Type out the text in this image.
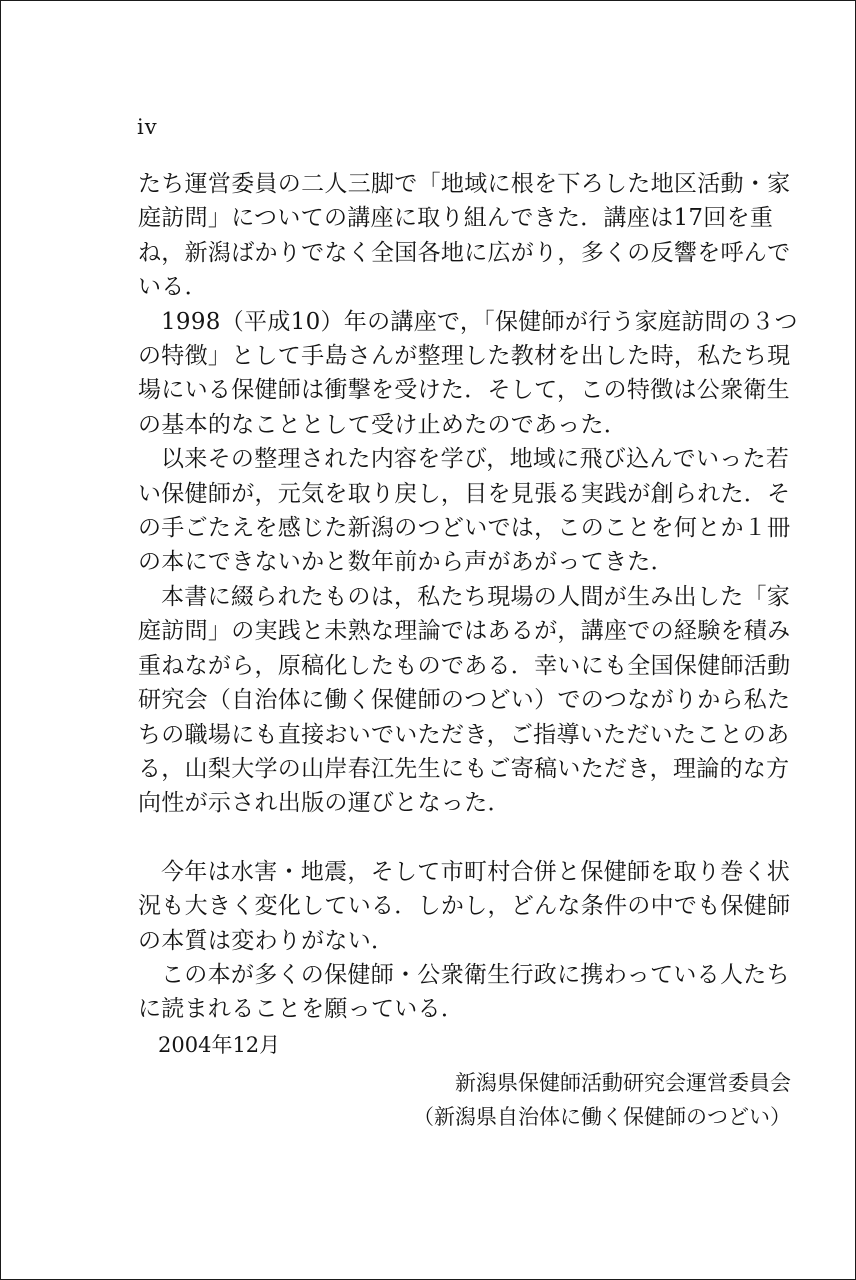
iv

たち運営委員の二人三脚で「地域に根を下ろした地区活動・家庭訪問」についての講座に取り組んできた．講座は17回を重ね，新潟ばかりでなく全国各地に広がり，多くの反響を呼んでいる．

1998（平成10）年の講座で，「保健師が行う家庭訪問の３つの特徴」として手島さんが整理した教材を出した時，私たち現場にいる保健師は衝撃を受けた．そして，この特徴は公衆衛生の基本的なこととして受け止めたのであった．

以来その整理された内容を学び，地域に飛び込んでいった若い保健師が，元気を取り戻し，目を見張る実践が創られた．その手ごたえを感じた新潟のつどいでは，このことを何とか１冊の本にできないかと数年前から声があがってきた．

本書に綴られたものは，私たち現場の人間が生み出した「家庭訪問」の実践と未熟な理論ではあるが，講座での経験を積み重ねながら，原稿化したものである．幸いにも全国保健師活動研究会（自治体に働く保健師のつどい）でのつながりから私たちの職場にも直接おいでいただき，ご指導いただいたことのある，山梨大学の山岸春江先生にもご寄稿いただき，理論的な方向性が示され出版の運びとなった．

今年は水害・地震，そして市町村合併と保健師を取り巻く状況も大きく変化している．しかし，どんな条件の中でも保健師の本質は変わりがない．

この本が多くの保健師・公衆衛生行政に携わっている人たちに読まれることを願っている．

2004年12月
新潟県保健師活動研究会運営委員会
（新潟県自治体に働く保健師のつどい）
